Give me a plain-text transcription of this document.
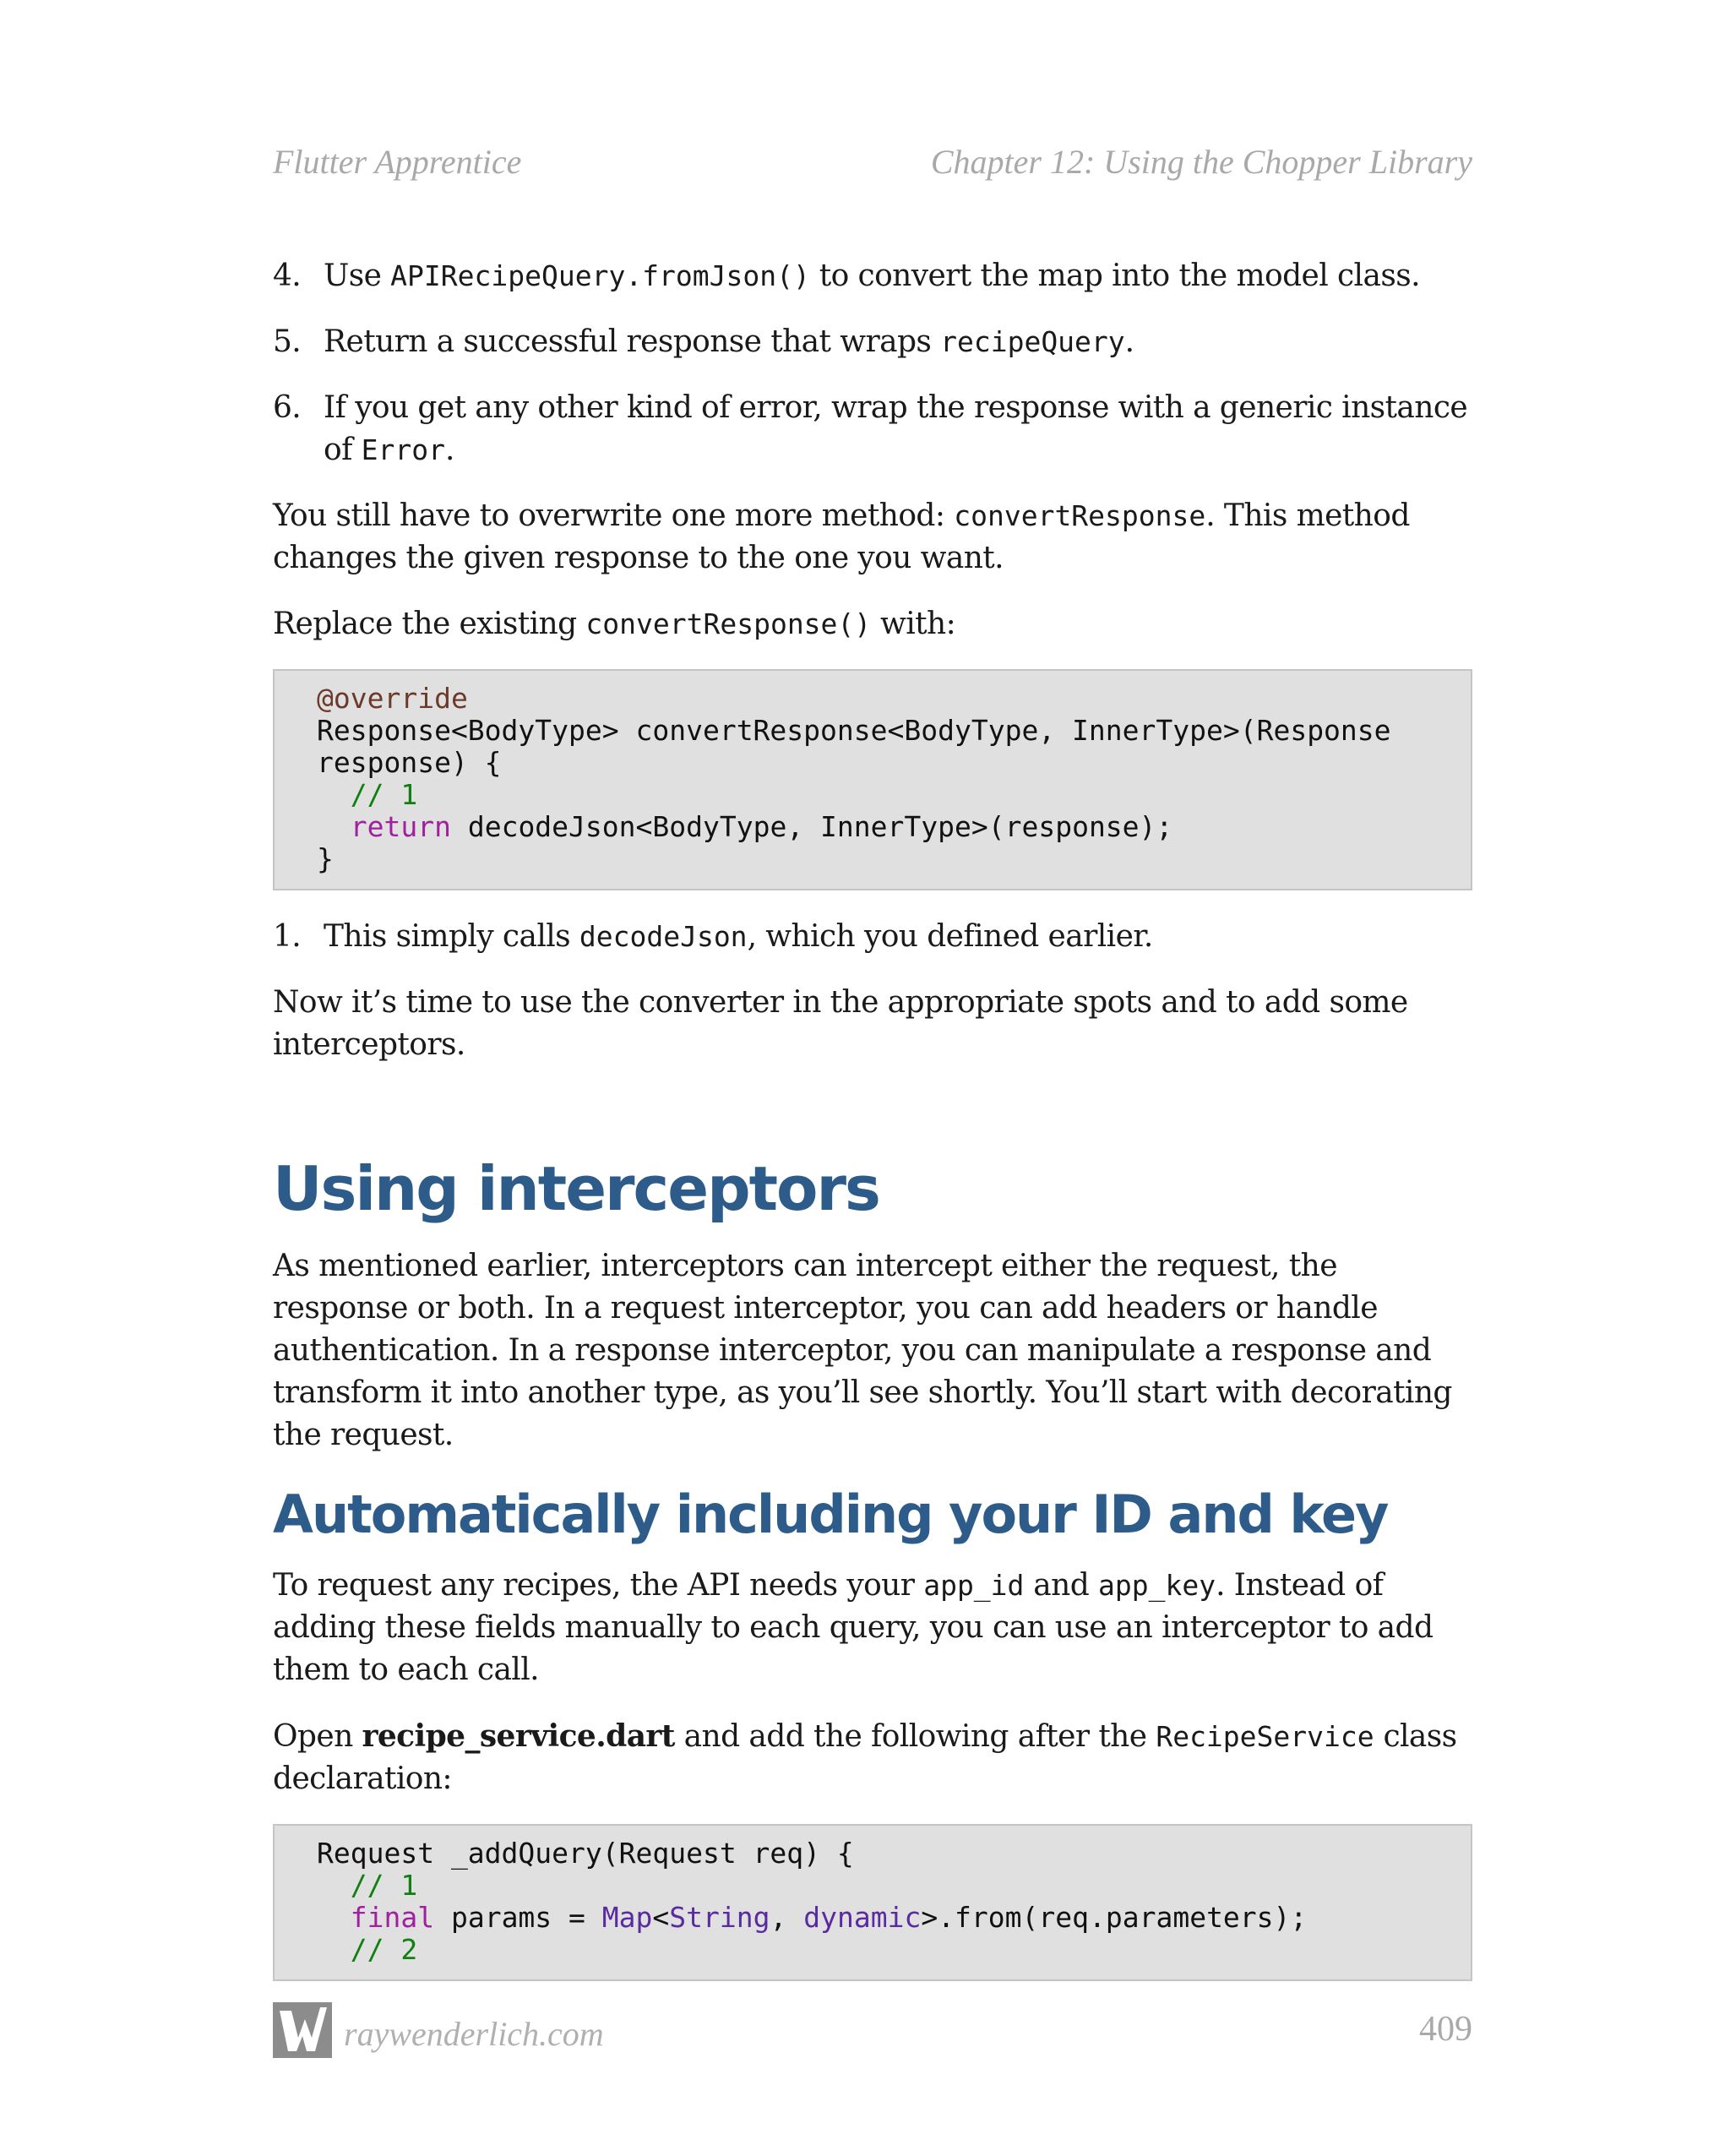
Flutter Apprentice	Chapter 12: Using the Chopper Library
4. Use APIRecipeQuery.fromJson() to convert the map into the model class.
5. Return a successful response that wraps recipeQuery.
6. If you get any other kind of error, wrap the response with a generic instance of Error.

You still have to overwrite one more method: convertResponse. This method changes the given response to the one you want.

Replace the existing convertResponse() with:

@override
Response<BodyType> convertResponse<BodyType, InnerType>(Response
response) {
// 1
return decodeJson<BodyType, InnerType>(response);
}
1. This simply calls decodeJson, which you defined earlier.

Now it’s time to use the converter in the appropriate spots and to add some interceptors.

Using interceptors

As mentioned earlier, interceptors can intercept either the request, the response or both. In a request interceptor, you can add headers or handle authentication. In a response interceptor, you can manipulate a response and transform it into another type, as you’ll see shortly. You’ll start with decorating the request.

Automatically including your ID and key

To request any recipes, the API needs your app_id and app_key. Instead of adding these fields manually to each query, you can use an interceptor to add them to each call.

Open recipe_service.dart and add the following after the RecipeService class declaration:

Request _addQuery(Request req) {
// 1
final params = Map<String, dynamic>.from(req.parameters);
// 2
raywenderlich.com	409
